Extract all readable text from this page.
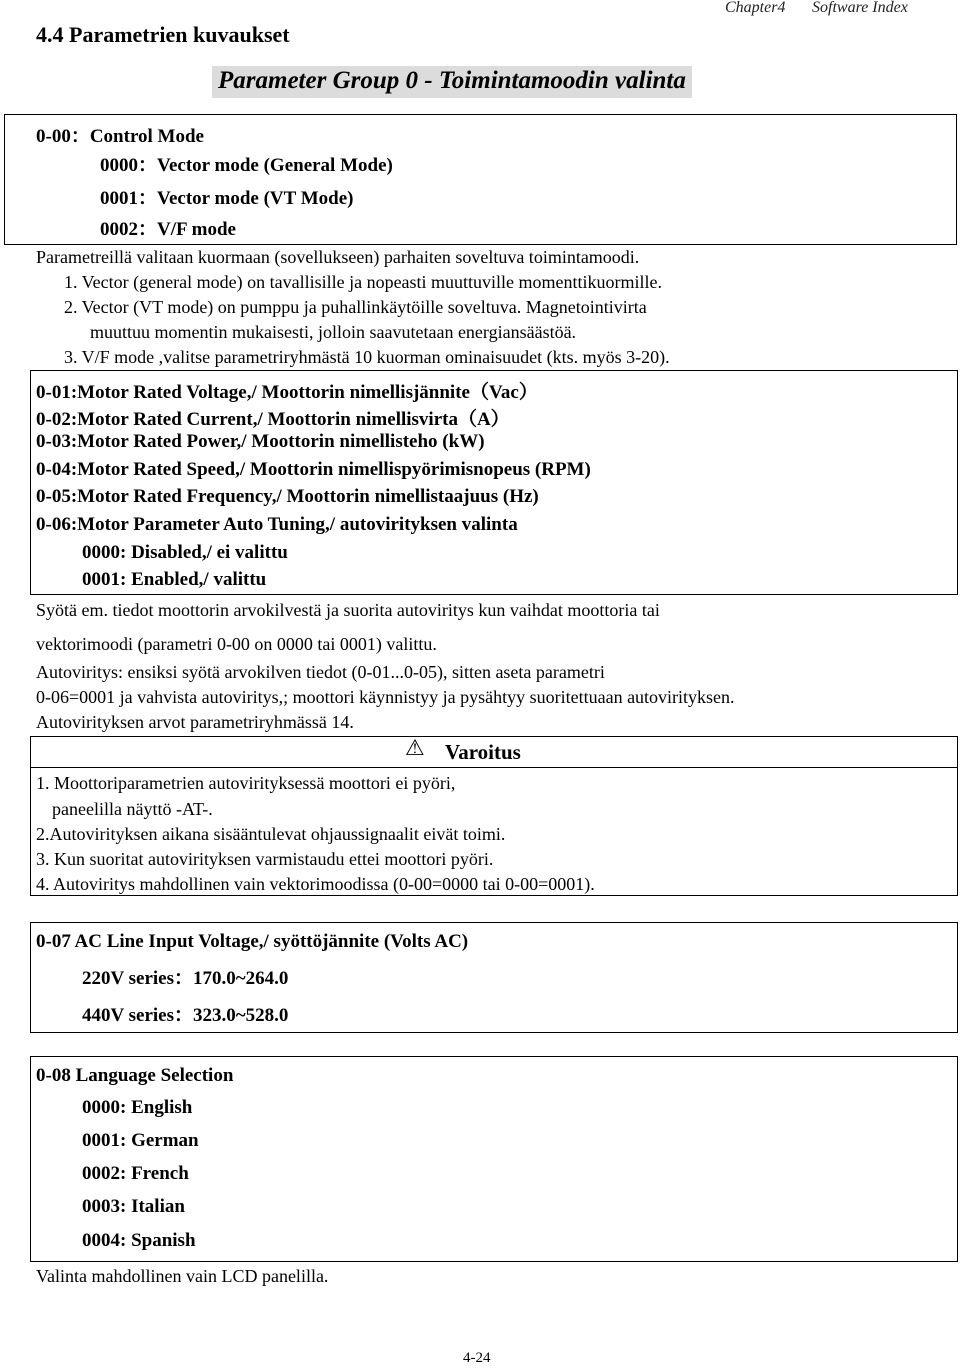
4.4 Parametrien kuvaukset
Chapter4 Software Index
Parameter Group 0 - Toimintamoodin valinta
0-00：Control Mode
0000：Vector mode (General Mode)
0001：Vector mode (VT Mode)
0002：V/F mode
Parametreillä valitaan kuormaan (sovellukseen) parhaiten soveltuva toimintamoodi.
1. Vector (general mode) on tavallisille ja nopeasti muuttuville momenttikuormille.
2. Vector (VT mode) on pumppu ja puhallinkäytöille soveltuva. Magnetointivirta
muuttuu momentin mukaisesti, jolloin saavutetaan energiansäästöä.
3. V/F mode ,valitse parametriryhmästä 10 kuorman ominaisuudet (kts. myös 3-20).
0-01:Motor Rated Voltage,/ Moottorin nimellisjännite（Vac）
0-02:Motor Rated Current,/ Moottorin nimellisvirta（A）
0-03:Motor Rated Power,/ Moottorin nimellisteho (kW)
0-04:Motor Rated Speed,/ Moottorin nimellispyörimisnopeus (RPM)
0-05:Motor Rated Frequency,/ Moottorin nimellistaajuus (Hz)
0-06:Motor Parameter Auto Tuning,/ autovirityksen valinta
0000: Disabled,/ ei valittu
0001: Enabled,/ valittu
Syötä em. tiedot moottorin arvokilvestä ja suorita autoviritys kun vaihdat moottoria tai
vektorimoodi (parametri 0-00 on 0000 tai 0001) valittu.
Autoviritys: ensiksi syötä arvokilven tiedot (0-01...0-05), sitten aseta parametri
0-06=0001 ja vahvista autoviritys,; moottori käynnistyy ja pysähtyy suoritettuaan autovirityksen.
Autovirityksen arvot parametriryhmässä 14.
⚠ Varoitus
1. Moottoriparametrien autovirityksessä moottori ei pyöri,
paneelilla näyttö -AT-.
2.Autovirityksen aikana sisääntulevat ohjaussignaalit eivät toimi.
3. Kun suoritat autovirityksen varmistaudu ettei moottori pyöri.
4. Autoviritys mahdollinen vain vektorimoodissa (0-00=0000 tai 0-00=0001).
0-07 AC Line Input Voltage,/ syöttöjännite (Volts AC)
220V series：170.0~264.0
440V series：323.0~528.0
0-08 Language Selection
0000: English
0001: German
0002: French
0003: Italian
0004: Spanish
Valinta mahdollinen vain LCD panelilla.
4-24
